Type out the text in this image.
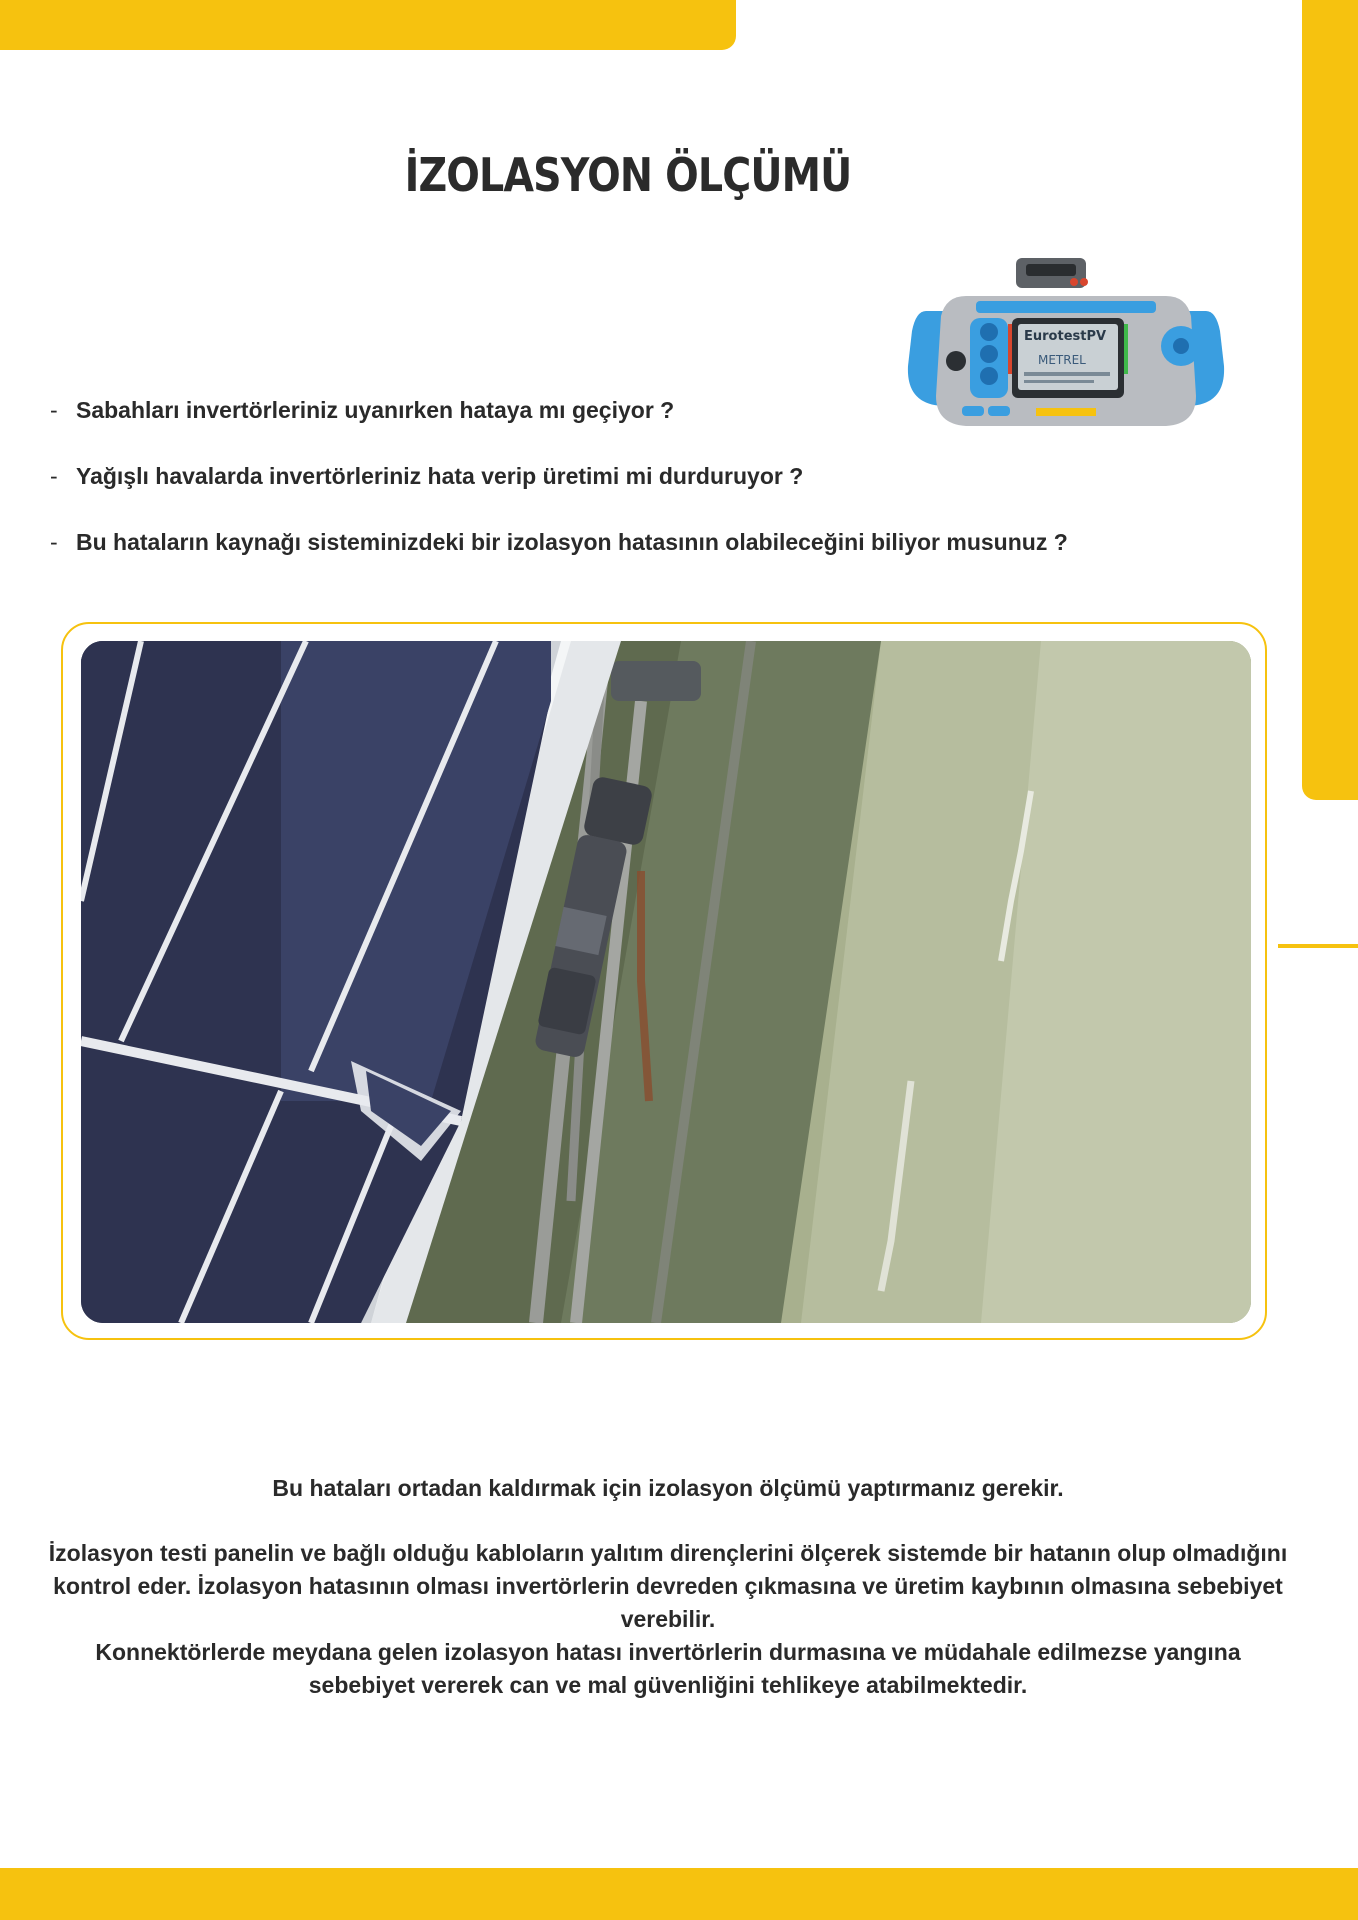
İZOLASYON ÖLÇÜMÜ
EurotestPV
METREL
- Sabahları invertörleriniz uyanırken hataya mı geçiyor ?
- Yağışlı havalarda invertörleriniz hata verip üretimi mi durduruyor ?
- Bu hataların kaynağı sisteminizdeki bir izolasyon hatasının olabileceğini biliyor musunuz ?
Bu hataları ortadan kaldırmak için izolasyon ölçümü yaptırmanız gerekir.
İzolasyon testi panelin ve bağlı olduğu kabloların yalıtım dirençlerini ölçerek sistemde bir hatanın olup olmadığını kontrol eder. İzolasyon hatasının olması invertörlerin devreden çıkmasına ve üretim kaybının olmasına sebebiyet verebilir.
Konnektörlerde meydana gelen izolasyon hatası invertörlerin durmasına ve müdahale edilmezse yangına sebebiyet vererek can ve mal güvenliğini tehlikeye atabilmektedir.
